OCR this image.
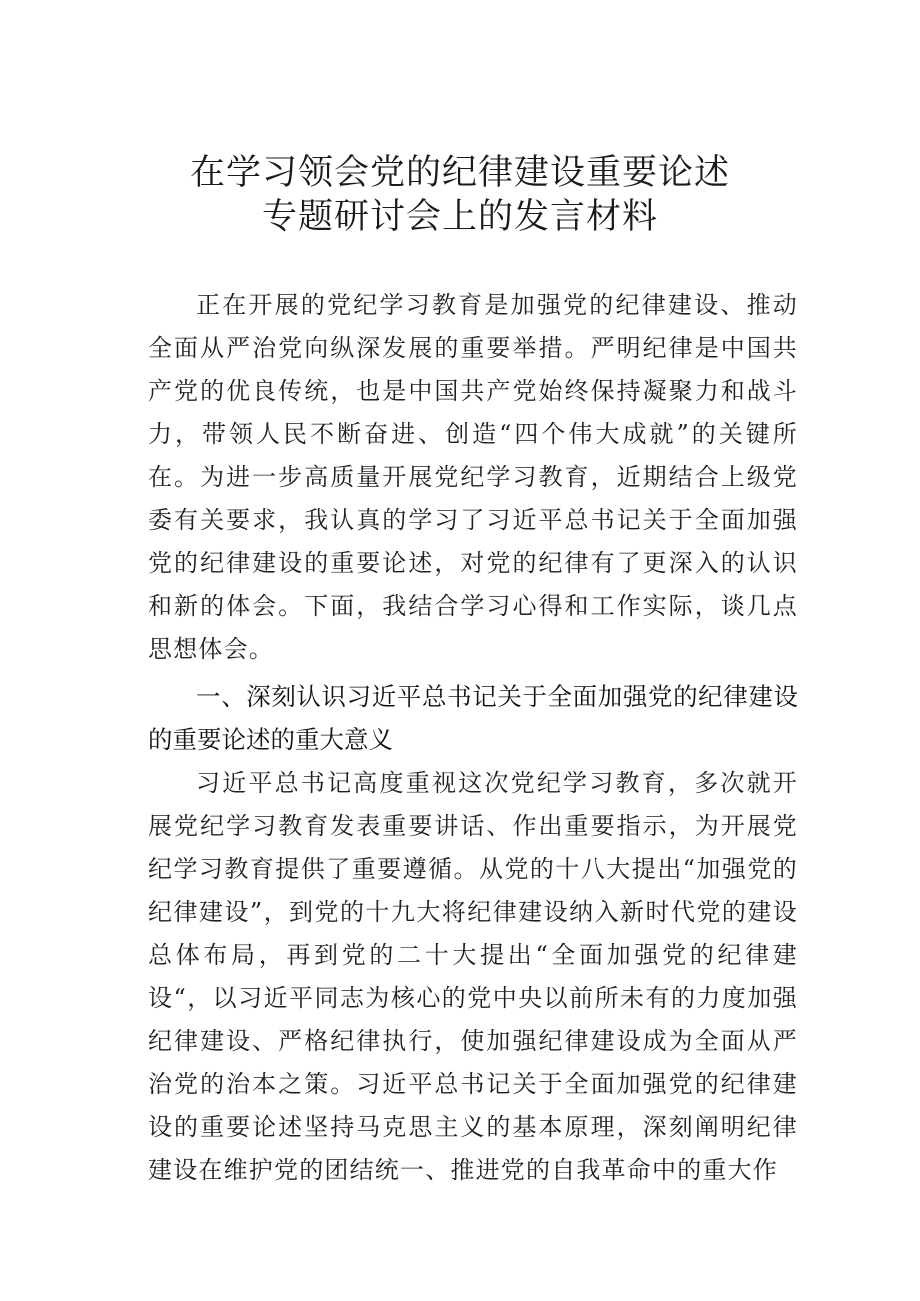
在学习领会党的纪律建设重要论述
专题研讨会上的发言材料

正在开展的党纪学习教育是加强党的纪律建设、推动全面从严治党向纵深发展的重要举措。严明纪律是中国共产党的优良传统，也是中国共产党始终保持凝聚力和战斗力，带领人民不断奋进、创造“四个伟大成就”的关键所在。为进一步高质量开展党纪学习教育，近期结合上级党委有关要求，我认真的学习了习近平总书记关于全面加强党的纪律建设的重要论述，对党的纪律有了更深入的认识和新的体会。下面，我结合学习心得和工作实际，谈几点思想体会。

一、深刻认识习近平总书记关于全面加强党的纪律建设的重要论述的重大意义

习近平总书记高度重视这次党纪学习教育，多次就开展党纪学习教育发表重要讲话、作出重要指示，为开展党纪学习教育提供了重要遵循。从党的十八大提出“加强党的纪律建设”，到党的十九大将纪律建设纳入新时代党的建设总体布局，再到党的二十大提出“全面加强党的纪律建设“，以习近平同志为核心的党中央以前所未有的力度加强纪律建设、严格纪律执行，使加强纪律建设成为全面从严治党的治本之策。习近平总书记关于全面加强党的纪律建设的重要论述坚持马克思主义的基本原理，深刻阐明纪律建设在维护党的团结统一、推进党的自我革命中的重大作
